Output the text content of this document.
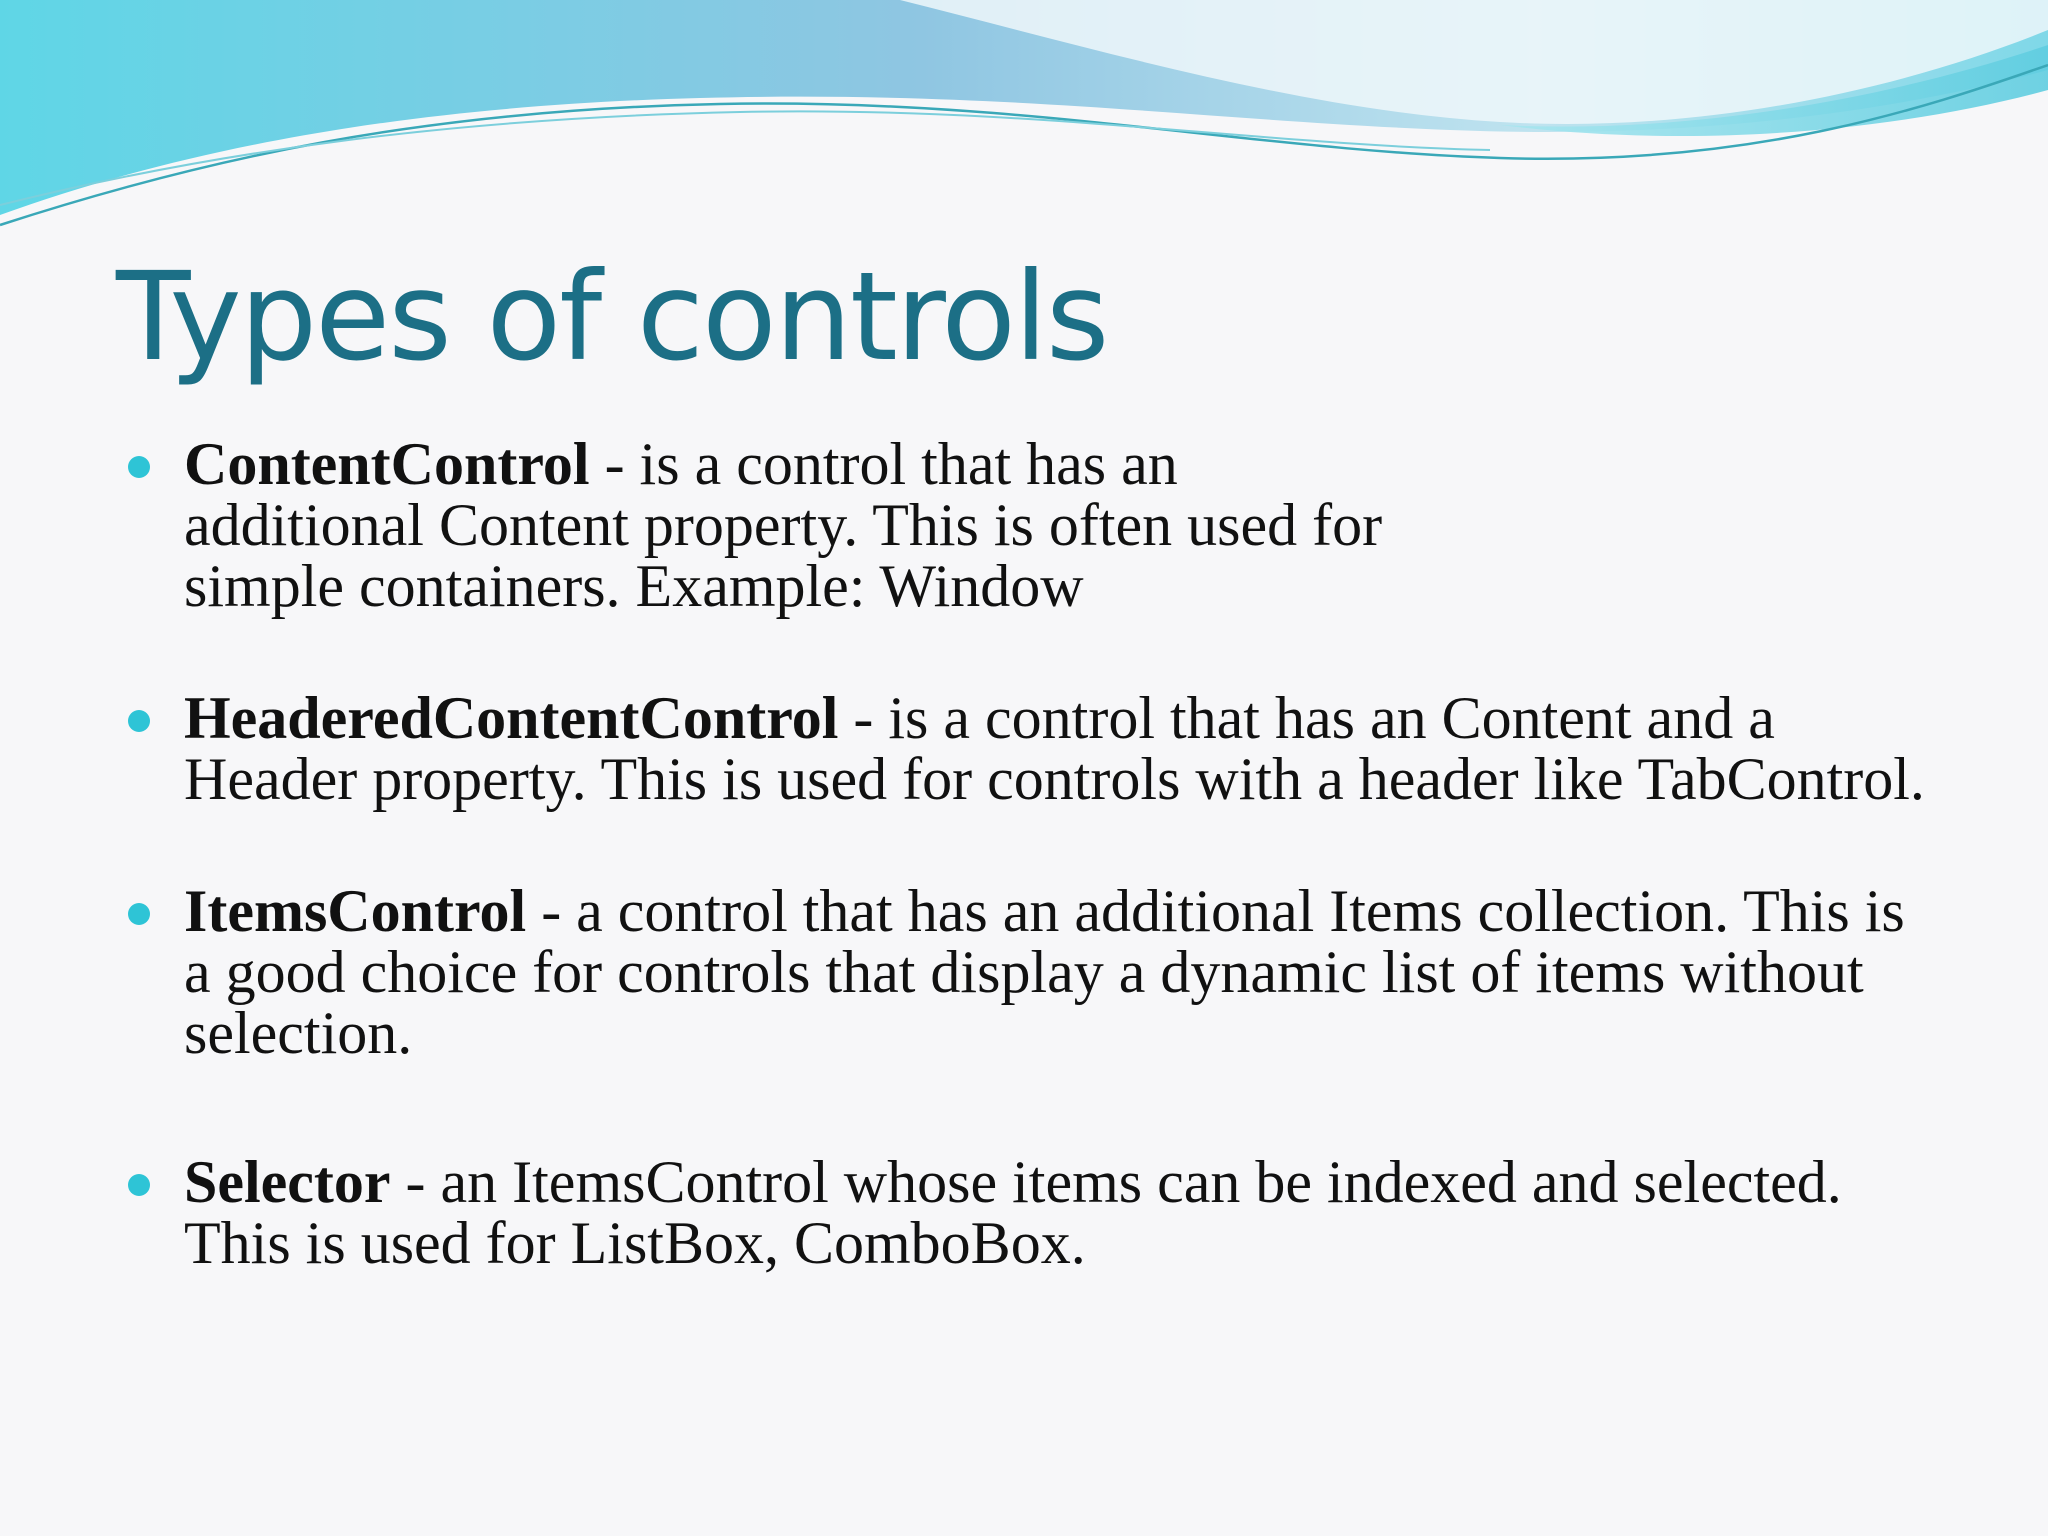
Types of controls
ContentControl - is a control that has an additional Content property. This is often used for simple containers. Example: Window
HeaderedContentControl - is a control that has an Content and a Header property. This is used for controls with a header like TabControl.
ItemsControl - a control that has an additional Items collection. This is a good choice for controls that display a dynamic list of items without selection.
Selector - an ItemsControl whose items can be indexed and selected. This is used for ListBox, ComboBox.
